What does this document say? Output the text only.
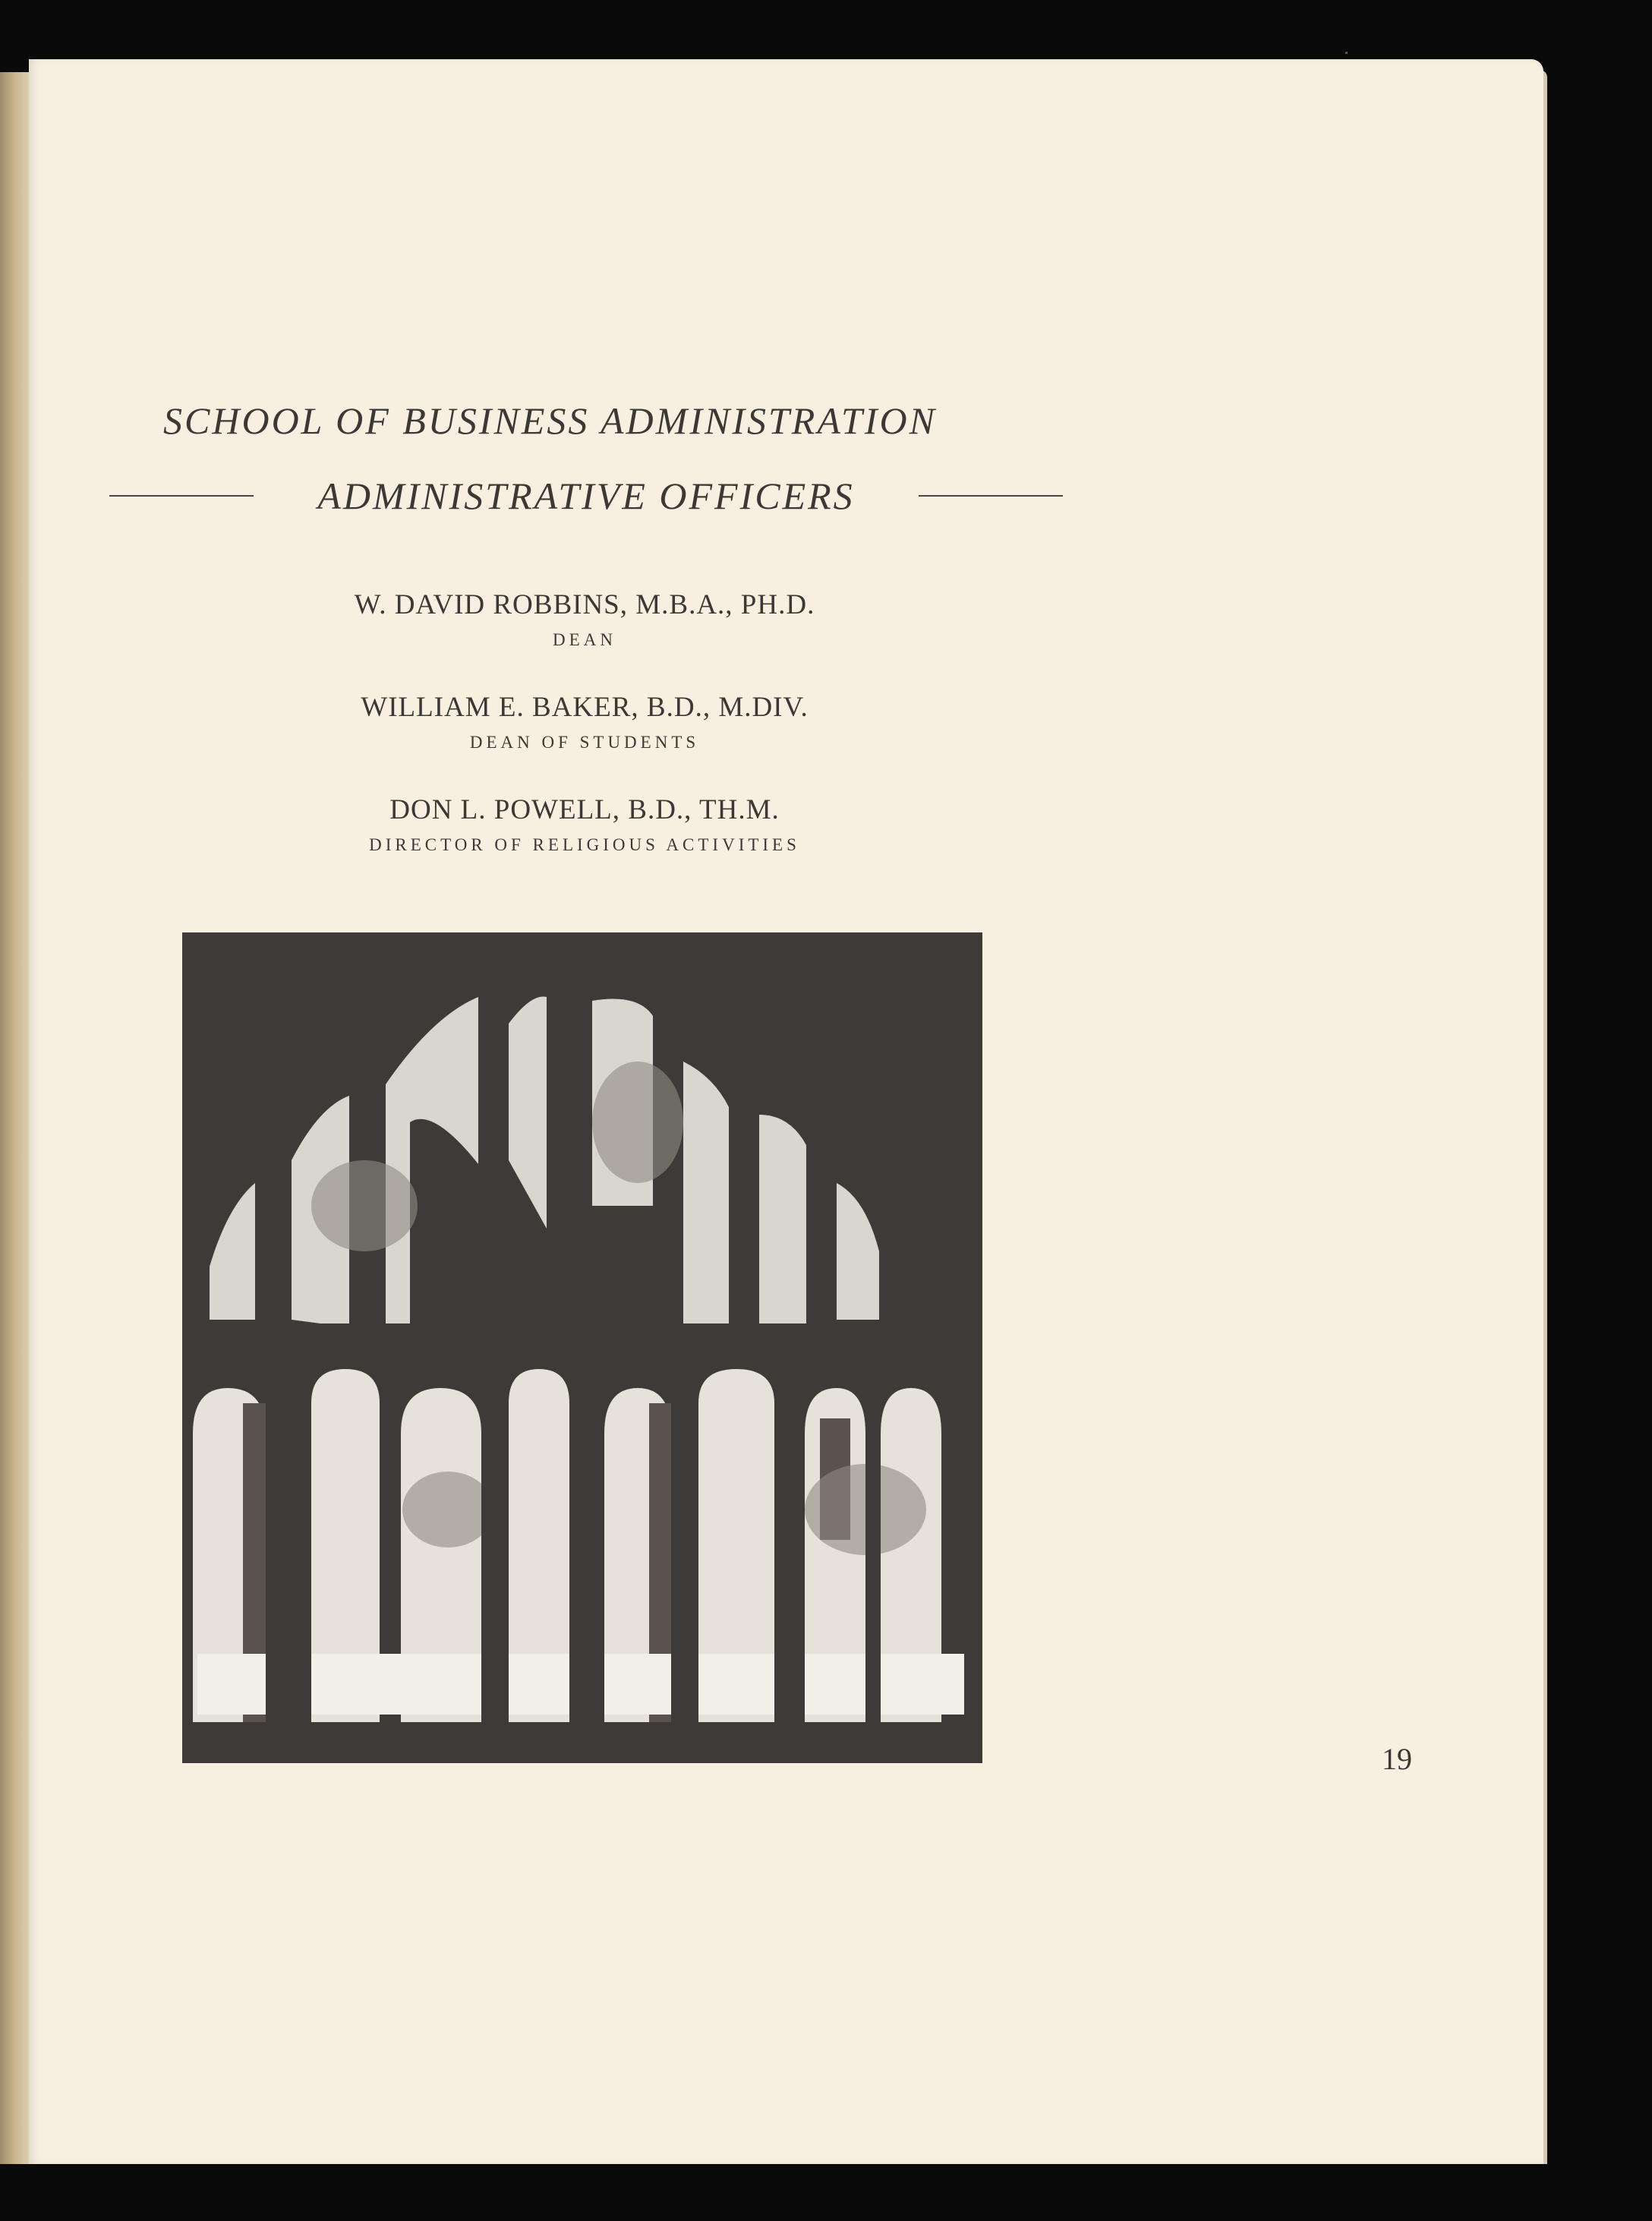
SCHOOL OF BUSINESS ADMINISTRATION
ADMINISTRATIVE OFFICERS
W. DAVID ROBBINS, M.B.A., PH.D.
DEAN
WILLIAM E. BAKER, B.D., M.DIV.
DEAN OF STUDENTS
DON L. POWELL, B.D., TH.M.
DIRECTOR OF RELIGIOUS ACTIVITIES
19
